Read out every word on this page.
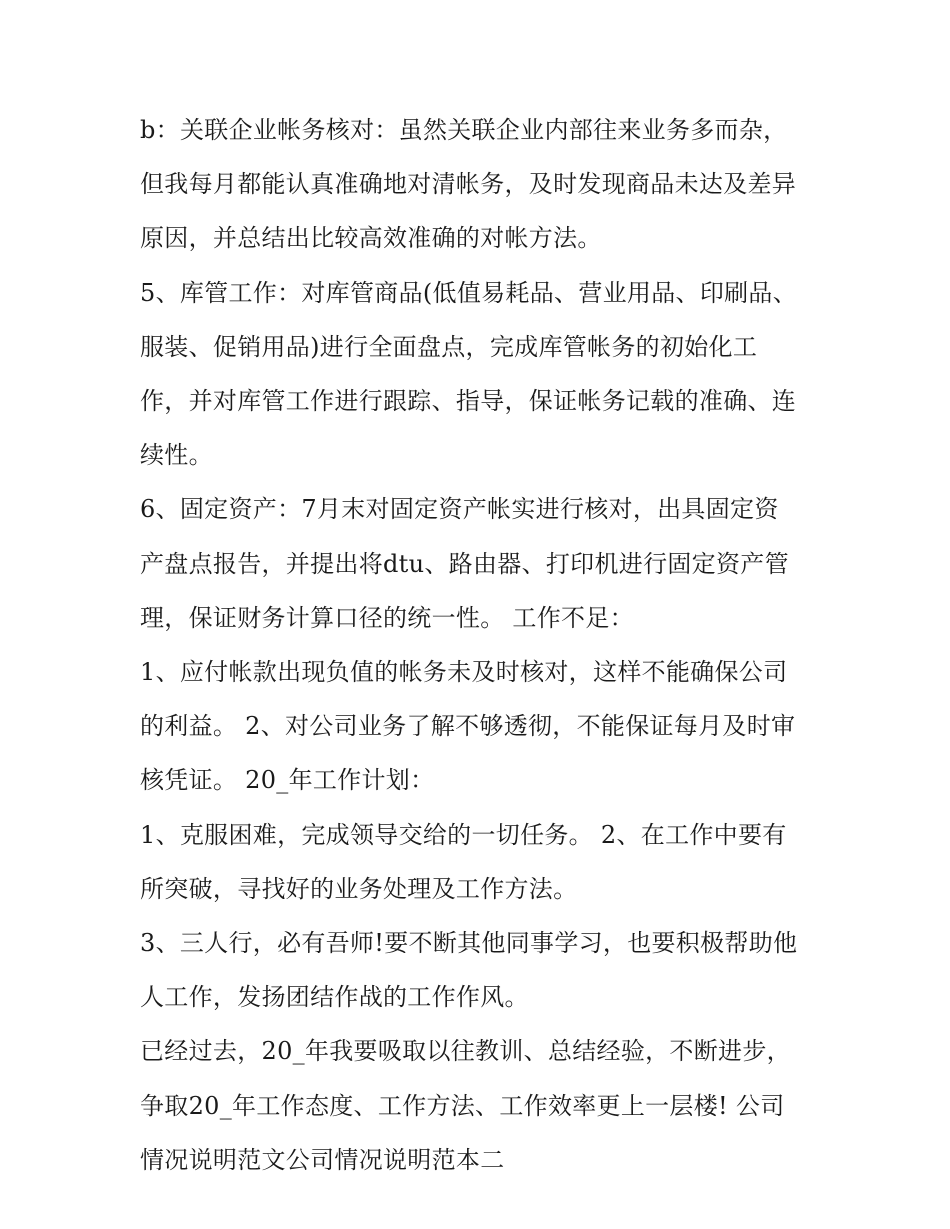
b：关联企业帐务核对：虽然关联企业内部往来业务多而杂，
但我每月都能认真准确地对清帐务，及时发现商品未达及差异
原因，并总结出比较高效准确的对帐方法。
5、库管工作：对库管商品(低值易耗品、营业用品、印刷品、
服装、促销用品)进行全面盘点，完成库管帐务的初始化工
作，并对库管工作进行跟踪、指导，保证帐务记载的准确、连
续性。
6、固定资产：7月末对固定资产帐实进行核对，出具固定资
产盘点报告，并提出将dtu、路由器、打印机进行固定资产管
理，保证财务计算口径的统一性。 工作不足：
1、应付帐款出现负值的帐务未及时核对，这样不能确保公司
的利益。 2、对公司业务了解不够透彻，不能保证每月及时审
核凭证。 20_年工作计划：
1、克服困难，完成领导交给的一切任务。 2、在工作中要有
所突破，寻找好的业务处理及工作方法。
3、三人行，必有吾师!要不断其他同事学习，也要积极帮助他
人工作，发扬团结作战的工作作风。
已经过去，20_年我要吸取以往教训、总结经验，不断进步，
争取20_年工作态度、工作方法、工作效率更上一层楼! 公司
情况说明范文公司情况说明范本二
